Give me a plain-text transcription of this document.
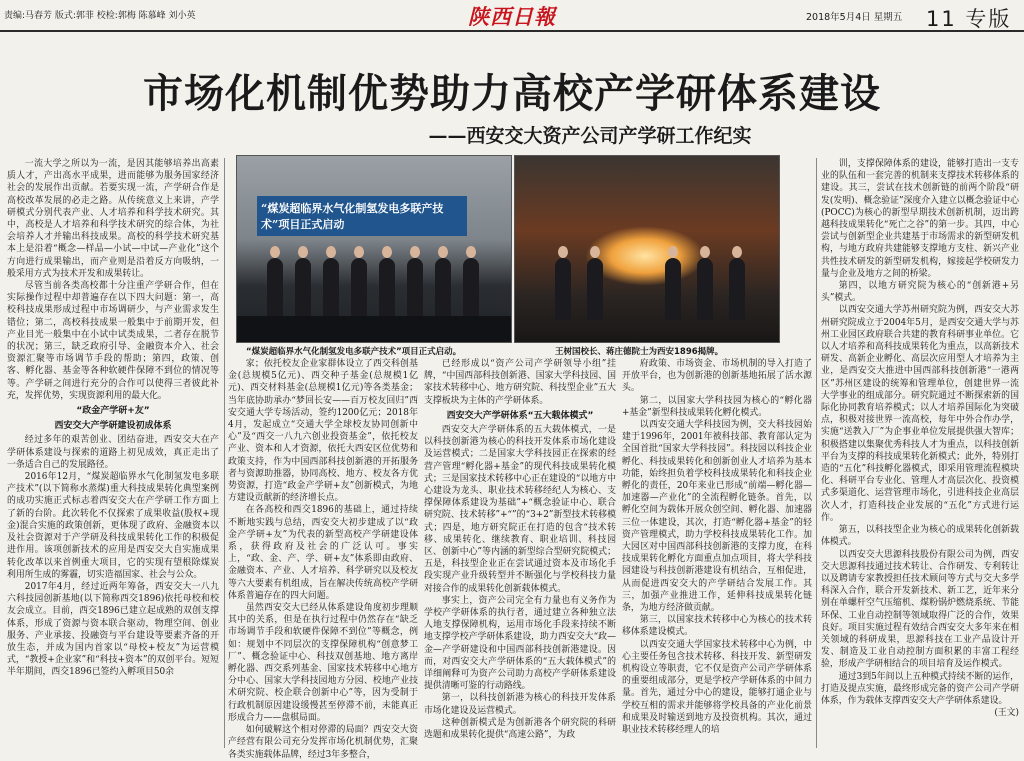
责编:马春芳 版式:郭菲 校检:郭梅 陈慕峰 刘小英	陕西日報	2018年5月4日 星期五 11 专版
市场化机制优势助力高校产学研体系建设
——西安交大资产公司产学研工作纪实
“煤炭超临界水气化制氢发电多联产技术”项目正式启动
“煤炭超临界水气化制氢发电多联产技术”项目正式启动。	王树国校长、蒋庄德院士为西安1896揭牌。

一流大学之所以为一流，是因其能够培养出高素质人才，产出高水平成果，进而能够为服务国家经济社会的发展作出贡献。若要实现一流，产学研合作是高校改革发展的必走之路。从传统意义上来讲，产学研模式分别代表产业、人才培养和科学技术研究。其中，高校是人才培养和科学技术研究的综合体，为社会培养人才并输出科技成果。高校的科学技术研究基本上是沿着“概念—样品—小试—中试—产业化”这个方向进行成果输出，而产业则是沿着反方向吸纳，一般采用方式为技术开发和成果转让。

尽管当前各类高校都十分注重产学研合作，但在实际操作过程中却普遍存在以下四大问题：第一，高校科技成果形成过程中市场调研少，与产业需求发生错位；第二，高校科技成果一般集中于前期开发，但产业目光一般集中在小试中试类成果，二者存在脱节的状况；第三，缺乏政府引导、金融资本介入、社会资源汇聚等市场调节手段的帮助；第四，政策、创客、孵化器、基金等各种软硬件保障不到位的情况等等。产学研之间进行充分的合作可以使得三者彼此补充，发挥优势，实现资源利用的最大化。

“政金产学研+友”
西安交大产学研建设初成体系

经过多年的艰苦创业、团结奋进，西安交大在产学研体系建设与探索的道路上初见成效，真正走出了一条适合自己的发展路径。

2016年12月，“煤炭超临界水气化制氢发电多联产技术”(以下简称水蒸煤)重大科技成果转化典型案例的成功实施正式标志着西安交大在产学研工作方面上了新的台阶。此次转化不仅探索了成果收益(股权+现金)混合实施的政策创新，更体现了政府、金融资本以及社会资源对于产学研及科技成果转化工作的积极促进作用。该项创新技术的应用是西安交大自实施成果转化改革以来首例重大项目，它的实现有望根除煤炭利用所生成的雾霾，切实造福国家、社会与公众。

2017年4月，经过近两年筹备，西安交大一八九六科技园创新基地(以下简称西交1896)依托母校和校友会成立。目前，西交1896已建立起成熟的双创支撑体系，形成了资源与资本联合驱动，物理空间、创业服务、产业承接、投融资与平台建设等要素齐备的开放生态，并成为国内首家以“母校+校友”为运营模式，“教授+企业家”和“科技+资本”的双创平台。短短半年期间，西交1896已签约入孵项目50余

家；依托校友企业家群体设立了西交科创基金(总规模5亿元)、西交种子基金(总规模1亿元)、西交材料基金(总规模1亿元)等各类基金；当年底协助承办“梦回长安——百万校友回归”西安交通大学专场活动，签约1200亿元；2018年4月，发起成立“交通大学全球校友协同创新中心”及“西交一八九六创业投资基金”，依托校友产业、资本和人才资源，依托大西安区位优势和政策支持，作为中国西部科技创新港的开拓服务者与资源助推器，协同高校、地方、校友各方优势资源，打造“政金产学研+友”创新模式，为地方建设贡献新的经济增长点。

在各高校和西交1896的基础上，通过持续不断地实践与总结，西安交大初步建成了以“政金产学研+友”为代表的新型高校产学研建设体系，获得政府及社会的广泛认可。事实上，“政、金、产、学、研+友”体系即由政府、金融资本、产业、人才培养、科学研究以及校友等六大要素有机组成，旨在解决传统高校产学研体系普遍存在的四大问题。

虽然西安交大已经从体系建设角度初步理顺其中的关系，但是在执行过程中仍然存在“缺乏市场调节手段和软硬件保障不到位”等概念，例如：规划中不同层次的支撑保障机构“创意梦工厂”、概念验证中心、科技双创基地、地方离岸孵化器、西交系列基金、国家技术转移中心地方分中心、国家大学科技园地方分园、校地产业技术研究院、校企联合创新中心”等，因为受制于行政机制原因建设缓慢甚至停滞不前，未能真正形成合力——盘棋局面。

如何破解这个相对停滞的局面？西安交大资产经营有限公司充分发挥市场化机制优势，汇聚各类实施载体品牌，经过3年多整合，

已经形成以“资产公司产学研领导小组”挂牌，“中国西部科技创新港、国家大学科技园、国家技术转移中心、地方研究院、科技型企业”五大支撑板块为主体的产学研体系。

西安交大产学研体系“五大载体模式”

西安交大产学研体系的五大载体模式，一是以科技创新港为核心的科技开发体系市场化建设及运营模式；二是国家大学科技园正在探索的经营产管理“孵化器+基金”的现代科技成果转化模式；三是国家技术转移中心正在建设的“以地方中心建设为龙头、职业技术转移经纪人为核心、支撑保障体系建设为基础”+“概念验证中心、联合研究院、技术转移”+“”的“3+2”新型技术转移模式；四是，地方研究院正在打造的包含“技术转移、成果转化、继续教育、职业培训、科技园区、创新中心”等内涵的新型综合型研究院模式；五是，科技型企业正在尝试通过资本及市场化手段实现产业升级转型并不断强化与学校科技力量对接合作的成果转化创新载体模式。

事实上，资产公司完全有力量也有义务作为学校产学研体系的执行者，通过建立各种独立法人地支撑保障机构，运用市场化手段来持续不断地支撑学校产学研体系建设，助力西安交大“政—金—产学研建设和中国西部科技创新港建设。因而，对西安交大产学研体系的“五大载体模式”的详细阐释可为资产公司助力高校产学研体系建设提供清晰可鉴的行动路线。

第一，以科技创新港为核心的科技开发体系市场化建设及运营模式。

这种创新模式是为创新港各个研究院的科研选题和成果转化提供“高速公路”，为政

府政策、市场资金、市场机制的导入打造了开放平台，也为创新港的创新基地拓展了活水源头。

第二，以国家大学科技园为核心的“孵化器+基金”新型科技成果转化孵化模式。

以西安交通大学科技园为例，交大科技园始建于1996年，2001年被科技部、教育部认定为全国首批“国家大学科技园”。科技园以科技企业孵化、科技成果转化和创新创业人才培养为基本功能，始终担负着学校科技成果转化和科技企业孵化的责任，20年来业已形成“前端—孵化器—加速器—产业化”的全流程孵化链条。首先，以孵化空间为载体开展众创空间、孵化器、加速器三位一体建设，其次，打造“孵化器+基金”的轻资产管理模式，助力学校科技成果转化工作。加大园区对中国西部科技创新港的支撑力度，在科技成果转化孵化方面重点加点项目，将大学科技园建设与科技创新港建设有机结合，互相促进，从而促进西安交大的产学研结合发展工作。其三，加强产业推进工作，延伸科技成果转化链条，为地方经济做贡献。

第三，以国家技术转移中心为核心的技术转移体系建设模式。

以西安交通大学国家技术转移中心为例，中心主要任务包含技术转移、科技开发、新型研发机构设立等职责，它不仅是资产公司产学研体系的重要组成部分，更是学校产学研体系的中间力量。首先，通过分中心的建设，能够打通企业与学校互相的需求并能够将学校具备的产业化前景和成果及时输送到地方及投资机构。其次，通过职业技术转移经理人的培

训，支撑保障体系的建设，能够打造出一支专业的队伍和一套完善的机制来支撑技术转移体系的建设。其三，尝试在技术创新链的前两个阶段“研发(发明)、概念验证”深度介入建立以概念验证中心(POCC)为核心的新型早期技术创新机制，迈出跨越科技成果转化“死亡之谷”的第一步。其四，中心尝试与创新型企业共建基于市场需求的新型研发机构，与地方政府共建能够支撑地方支柱、新兴产业共性技术研发的新型研发机构，嫁接起学校研发力量与企业及地方之间的桥梁。

第四，以地方研究院为核心的“创新港+另头”模式。

以西安交通大学苏州研究院为例，西安交大苏州研究院成立于2004年5月，是西安交通大学与苏州工业园区政府联合共建的教育科研事业单位。它以人才培养和高科技成果转化为重点，以高新技术研发、高新企业孵化、高层次应用型人才培养为主业，是西安交大推进中国西部科技创新港“一港两区”苏州区建设的统筹和管理单位，创建世界一流大学事业的组成部分。研究院通过不断探索新的国际化协同教育培养模式；以人才培养国际化为突破点，积极对接世界一流高校，每年中外合作办学，实施“送教入厂”为企事业单位发展提供强大智库；积极搭建以集聚优秀科技人才为重点，以科技创新平台为支撑的科技成果转化新模式；此外，特别打造的“五化”科技孵化器模式，即采用管理流程模块化、科研平台专业化、管理人才高层次化、投资模式多渠道化、运营管理市场化，引进科技企业高层次人才，打造科技企业发展的“五化”方式进行运作。

第五，以科技型企业为核心的成果转化创新载体模式。

以西安交大思源科技股份有限公司为例，西安交大思源科技通过技术转让、合作研发、专利转让以及聘请专家教授担任技术顾问等方式与交大多学科深入合作，联合开发新技术、新工艺，近年来分别在单螺杆空气压缩机、煤粉锅炉燃烧系统、节能环保、工业自动控制等领域取得广泛的合作，效果良好。项目实施过程有效结合西安交大多年来在相关领域的科研成果，思源科技在工业产品设计开发、制造及工业自动控制方面积累的丰富工程经验，形成产学研相结合的项目培育及运作模式。

通过3到5年间以上五种模式持续不断的运作，打造及提点实施，最终形成完备的资产公司产学研体系，作为载体支撑西安交大产学研体系建设。

(王文)
